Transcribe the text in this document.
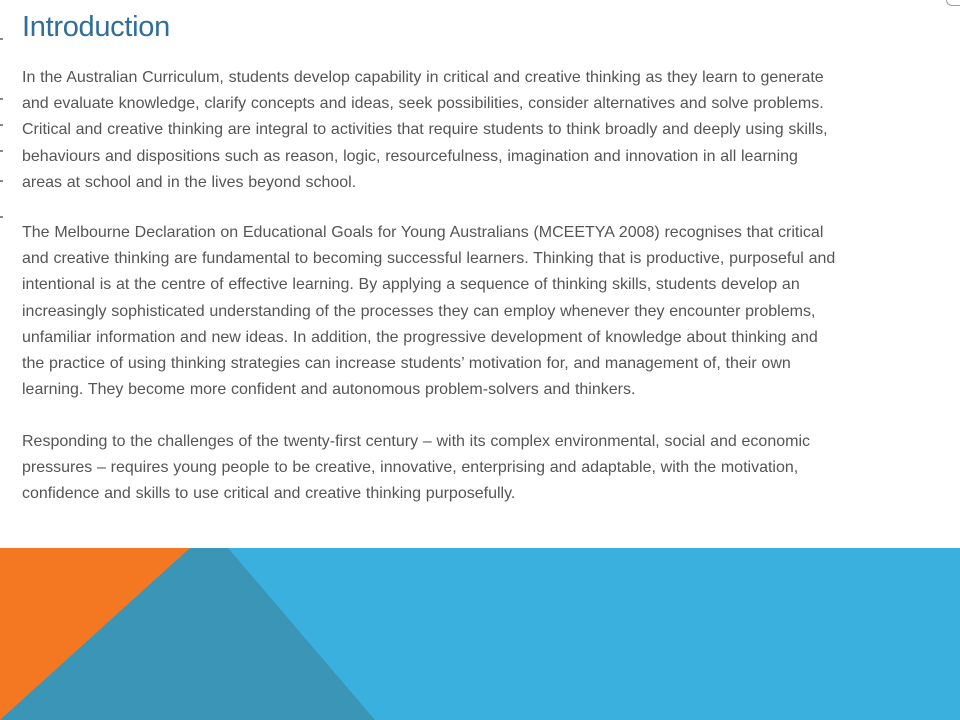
Introduction

In the Australian Curriculum, students develop capability in critical and creative thinking as they learn to generate
and evaluate knowledge, clarify concepts and ideas, seek possibilities, consider alternatives and solve problems.
Critical and creative thinking are integral to activities that require students to think broadly and deeply using skills,
behaviours and dispositions such as reason, logic, resourcefulness, imagination and innovation in all learning
areas at school and in the lives beyond school.

The Melbourne Declaration on Educational Goals for Young Australians (MCEETYA 2008) recognises that critical
and creative thinking are fundamental to becoming successful learners. Thinking that is productive, purposeful and
intentional is at the centre of effective learning. By applying a sequence of thinking skills, students develop an
increasingly sophisticated understanding of the processes they can employ whenever they encounter problems,
unfamiliar information and new ideas. In addition, the progressive development of knowledge about thinking and
the practice of using thinking strategies can increase students’ motivation for, and management of, their own
learning. They become more confident and autonomous problem-solvers and thinkers.

Responding to the challenges of the twenty-first century – with its complex environmental, social and economic
pressures – requires young people to be creative, innovative, enterprising and adaptable, with the motivation,
confidence and skills to use critical and creative thinking purposefully.
